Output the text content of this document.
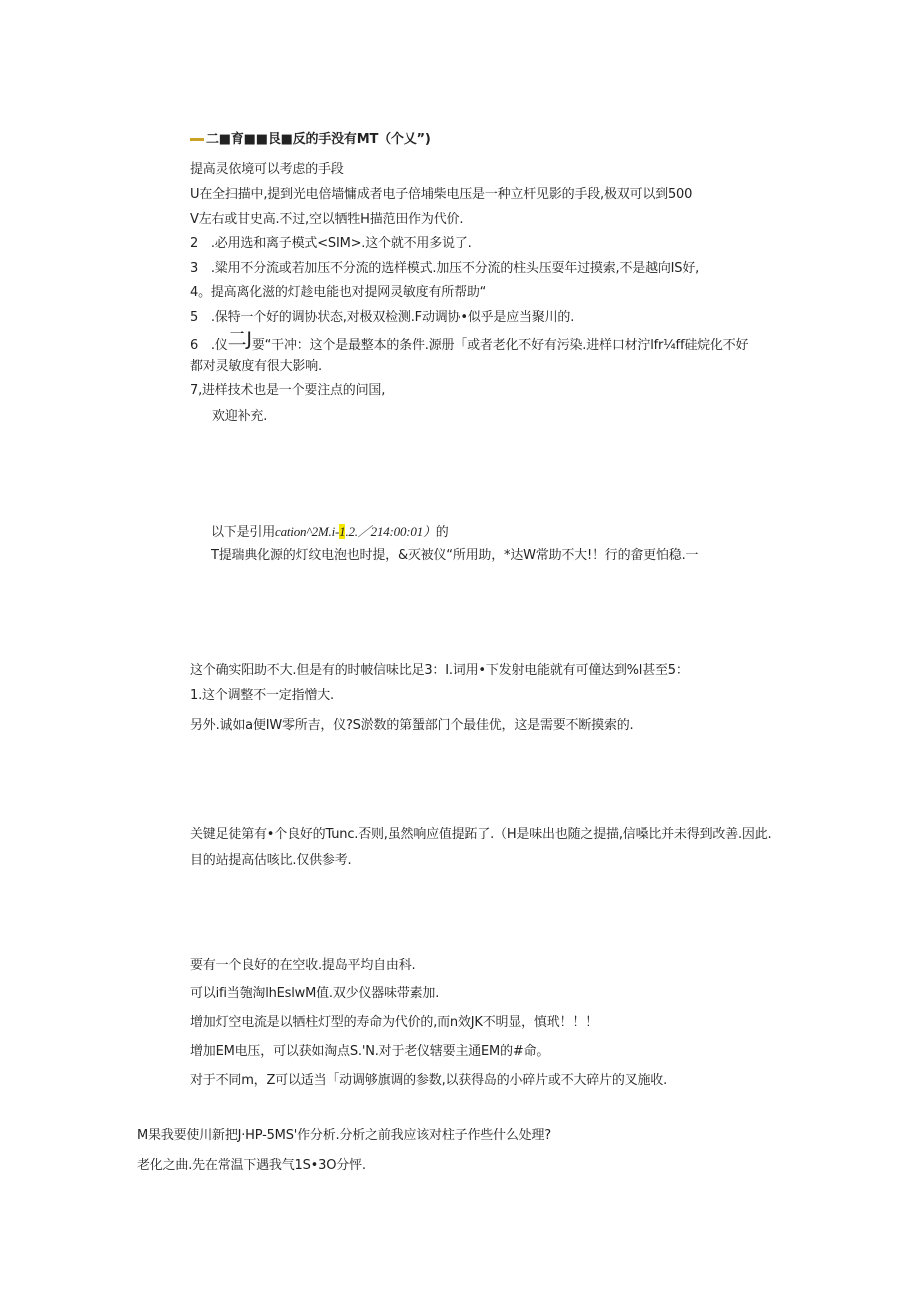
二■育■■艮■反的手没有MT（个乂”)
提高灵依境可以考虑的手段
U在全扫描中,提到光电倍墙慵成者电子倍埔柴电压是一种立杆见影的手段,极双可以到500
V左右或甘史高.不过,空以牺牲H描范田作为代价.
2　.必用选和离子模式<SIM>.这个就不用多说了.
3　.粱用不分流或若加压不分流的选样模式.加压不分流的柱头压耍年过摸索,不是越向IS好,
4。提高离化滋的灯趁电能也对提网灵敏度有所帮助“
5　.保特一个好的调协状态,对极双检测.F动调协•似乎是应当聚川的.
6　.仪二J要“干冲：这个是最整本的条件.源册「或者老化不好有污染.进样口材泞lfr¼ff硅烷化不好
都对灵敏度有很大影响.
7,进样技术也是一个要注点的问国,
欢迎补充.
以下是引用cation^2M.i-1.2.／214:00:01）的
T提瑞典化源的灯纹电泡也时提，&灭被仪“所用助，*达W常助不大!！行的畲更怕稳.一
这个确实阳助不大.但是有的时帔信味比足3：I.词用•下发射电能就有可僮达到%l甚至5：
1.这个调整不一定指憎大.
另外.诚如a便IW零所吉，仪?S淤数的第蜑部门个最佳优，这是需要不断摸索的.
关键足徒第有•个良好的Tunc.否则,虽然响应值提跖了.（H是味出也随之提描,信嗓比并未得到改善.因此.
目的站提高估咳比.仅供参考.
要有一个良好的在空收.提岛平均自由科.
可以ifi当匏淘lhEslwM值.双少仪器味带素加.
增加灯空电流是以牺柱灯型的寿命为代价的,而n效JK不明显，慎玳！！！
增加EM电压，可以获如淘点S.'N.对于老仪辖要主通EM的#命。
对于不同m，Z可以适当「动调够旗调的参数,以获得岛的小碎片或不大碎片的叉施收.
M果我要使川新把J·HP-5MS'作分析.分析之前我应该对柱子作些什么处理?
老化之曲.先在常温下遇我气1S•3O分怦.
